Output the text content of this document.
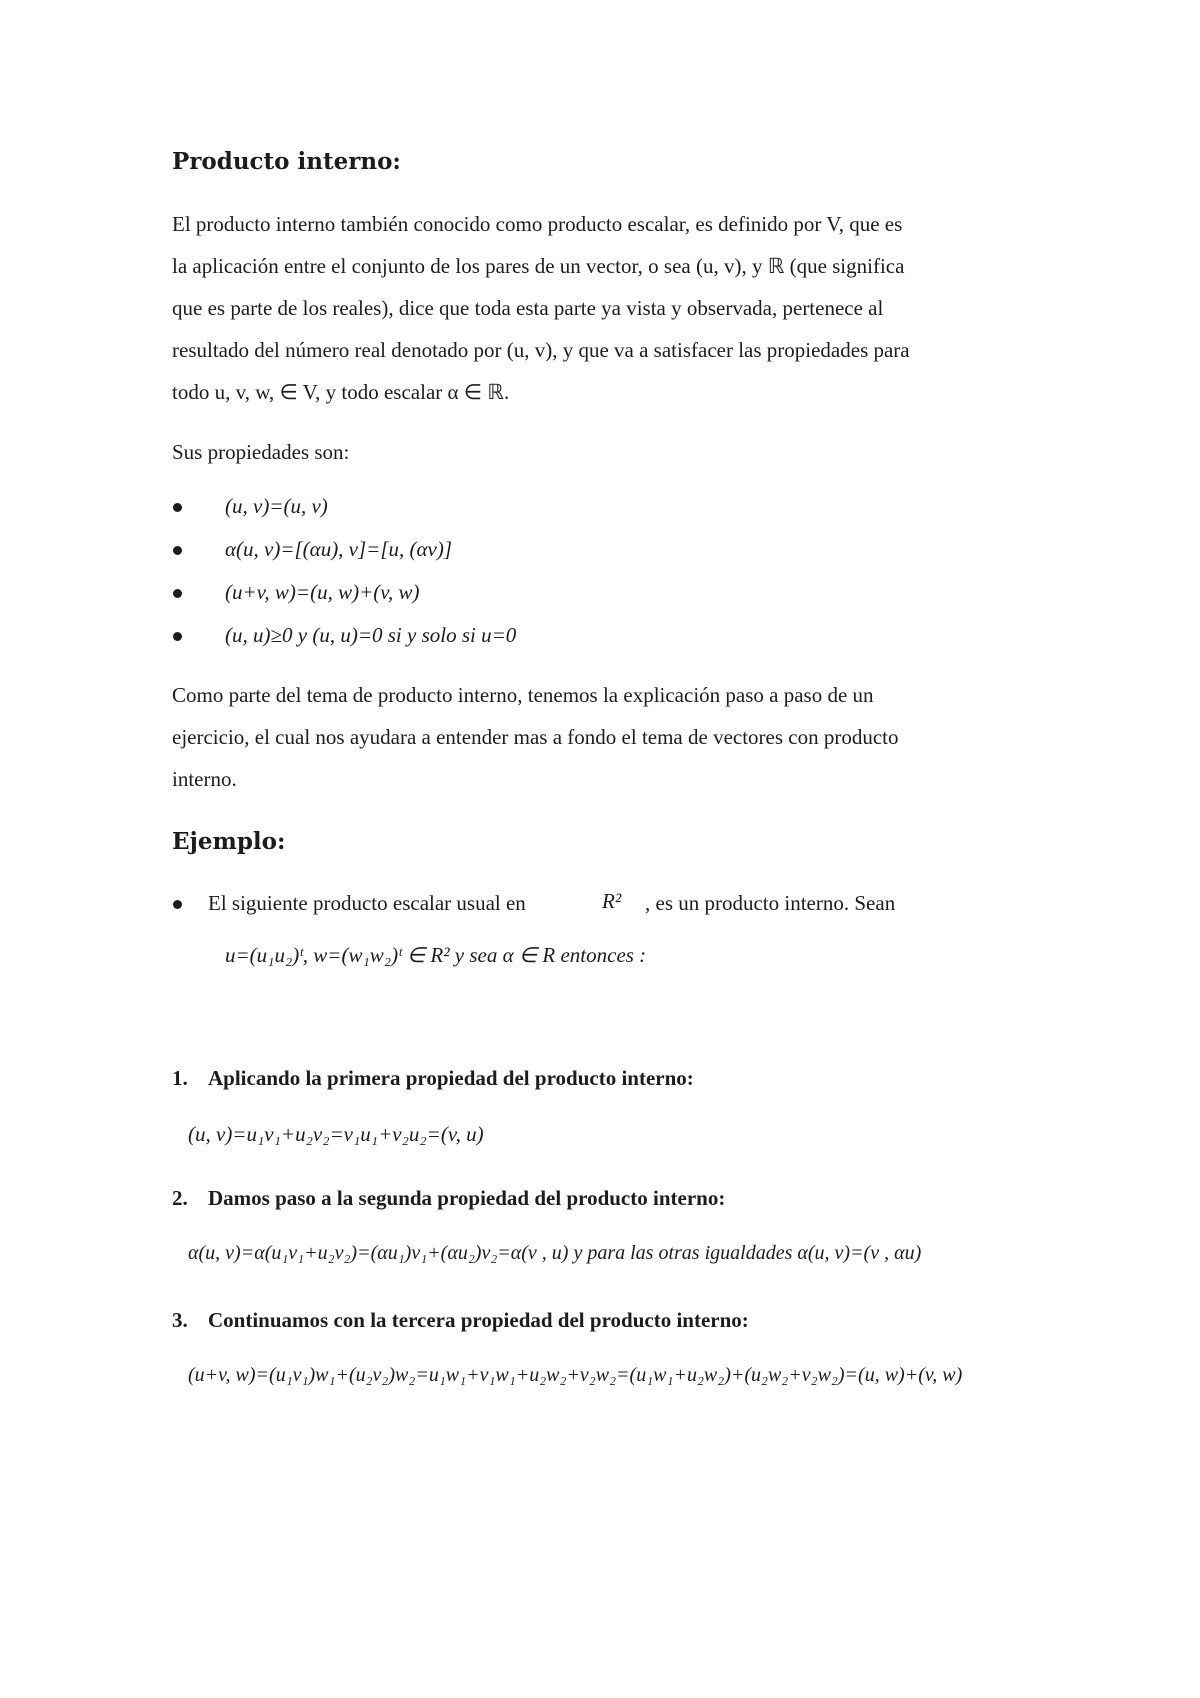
Producto interno:
El producto interno también conocido como producto escalar, es definido por V, que es
la aplicación entre el conjunto de los pares de un vector, o sea (u, v), y ℝ (que significa
que es parte de los reales), dice que toda esta parte ya vista y observada, pertenece al
resultado del número real denotado por (u, v), y que va a satisfacer las propiedades para
todo u, v, w, ∈ V, y todo escalar α ∈ ℝ.
Sus propiedades son:
(u, v)=(u, v)
α(u, v)=[(αu), v]=[u, (αv)]
(u+v, w)=(u, w)+(v, w)
(u, u)≥0 y (u, u)=0 si y solo si u=0
Como parte del tema de producto interno, tenemos la explicación paso a paso de un
ejercicio, el cual nos ayudara a entender mas a fondo el tema de vectores con producto
interno.
Ejemplo:
El siguiente producto escalar usual en	R² , es un producto interno. Sean
u=(u₁u₂)ᵗ, w=(w₁w₂)ᵗ ∈ R² y sea α ∈ R entonces :
1. Aplicando la primera propiedad del producto interno:
(u, v)=u₁v₁+u₂v₂=v₁u₁+v₂u₂=(v, u)
2. Damos paso a la segunda propiedad del producto interno:
α(u, v)=α(u₁v₁+u₂v₂)=(αu₁)v₁+(αu₂)v₂=α(v , u) y para las otras igualdades α(u, v)=(v , αu)
3. Continuamos con la tercera propiedad del producto interno:
(u+v, w)=(u₁v₁)w₁+(u₂v₂)w₂=u₁w₁+v₁w₁+u₂w₂+v₂w₂=(u₁w₁+u₂w₂)+(u₂w₂+v₂w₂)=(u, w)+(v, w)
